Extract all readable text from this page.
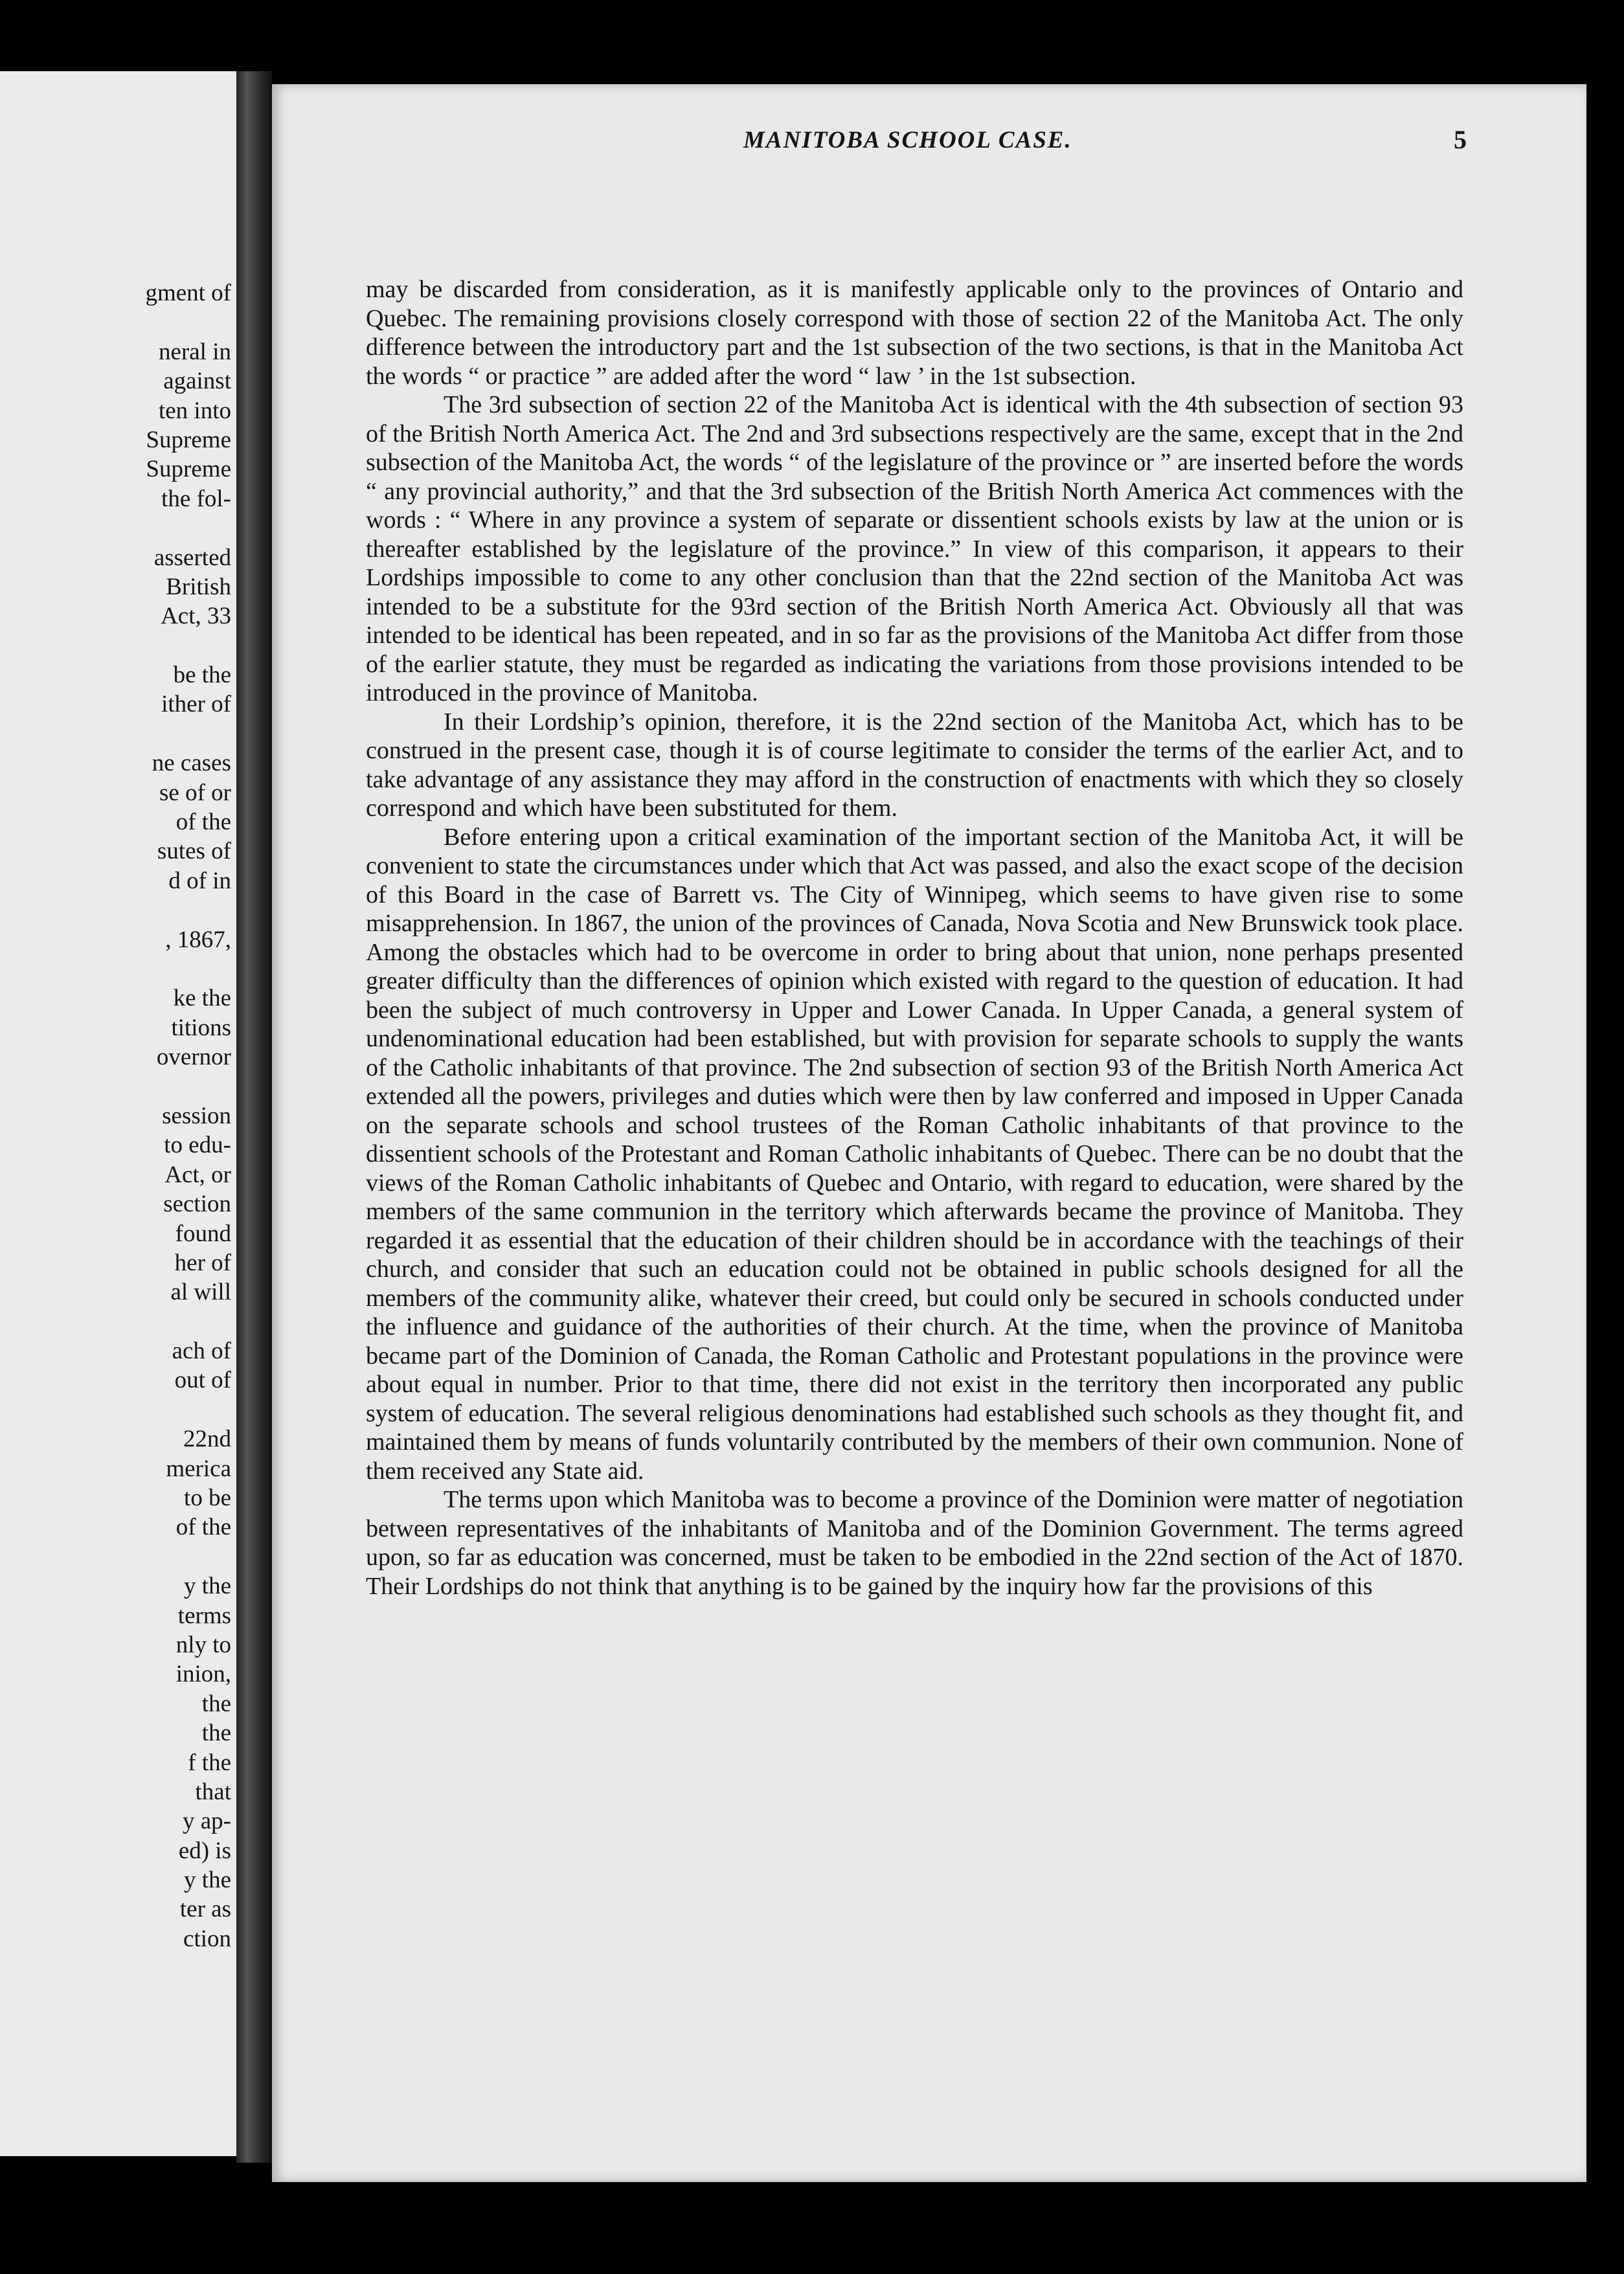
gment of
neral in
against
ten into
Supreme
Supreme
the fol-
asserted
British
Act, 33
be the
ither of
ne cases
se of or
of the
sutes of
d of in
, 1867,
ke the
titions
overnor
session
to edu-
Act, or
section
found
her of
al will
ach of
out of
22nd
merica
to be
of the
y the
terms
nly to
inion,
the
the
f the
that
y ap-
ed) is
y the
ter as
ction
MANITOBA SCHOOL CASE.	5

may be discarded from consideration, as it is manifestly applicable only to the provinces of Ontario and Quebec. The remaining provisions closely correspond with those of section 22 of the Manitoba Act. The only difference between the introductory part and the 1st subsection of the two sections, is that in the Manitoba Act the words “ or practice ” are added after the word “ law ’ in the 1st subsection.

The 3rd subsection of section 22 of the Manitoba Act is identical with the 4th subsection of section 93 of the British North America Act. The 2nd and 3rd subsections respectively are the same, except that in the 2nd subsection of the Manitoba Act, the words “ of the legislature of the province or ” are inserted before the words “ any provincial authority,” and that the 3rd subsection of the British North America Act commences with the words : “ Where in any province a system of separate or dissentient schools exists by law at the union or is thereafter established by the legislature of the province.” In view of this comparison, it appears to their Lordships impossible to come to any other conclusion than that the 22nd section of the Manitoba Act was intended to be a substitute for the 93rd section of the British North America Act. Obviously all that was intended to be identical has been repeated, and in so far as the provisions of the Manitoba Act differ from those of the earlier statute, they must be regarded as indicating the variations from those provisions intended to be introduced in the province of Manitoba.

In their Lordship’s opinion, therefore, it is the 22nd section of the Manitoba Act, which has to be construed in the present case, though it is of course legitimate to consider the terms of the earlier Act, and to take advantage of any assistance they may afford in the construction of enactments with which they so closely correspond and which have been substituted for them.

Before entering upon a critical examination of the important section of the Manitoba Act, it will be convenient to state the circumstances under which that Act was passed, and also the exact scope of the decision of this Board in the case of Barrett vs. The City of Winnipeg, which seems to have given rise to some misapprehension. In 1867, the union of the provinces of Canada, Nova Scotia and New Brunswick took place. Among the obstacles which had to be overcome in order to bring about that union, none perhaps presented greater difficulty than the differences of opinion which existed with regard to the question of education. It had been the subject of much controversy in Upper and Lower Canada. In Upper Canada, a general system of undenominational education had been established, but with provision for separate schools to supply the wants of the Catholic inhabitants of that province. The 2nd subsection of section 93 of the British North America Act extended all the powers, privileges and duties which were then by law conferred and imposed in Upper Canada on the separate schools and school trustees of the Roman Catholic inhabitants of that province to the dissentient schools of the Protestant and Roman Catholic inhabitants of Quebec. There can be no doubt that the views of the Roman Catholic inhabitants of Quebec and Ontario, with regard to education, were shared by the members of the same communion in the territory which afterwards became the province of Manitoba. They regarded it as essential that the education of their children should be in accordance with the teachings of their church, and consider that such an education could not be obtained in public schools designed for all the members of the community alike, whatever their creed, but could only be secured in schools conducted under the influence and guidance of the authorities of their church. At the time, when the province of Manitoba became part of the Dominion of Canada, the Roman Catholic and Protestant populations in the province were about equal in number. Prior to that time, there did not exist in the territory then incorporated any public system of education. The several religious denominations had established such schools as they thought fit, and maintained them by means of funds voluntarily contributed by the members of their own communion. None of them received any State aid.

The terms upon which Manitoba was to become a province of the Dominion were matter of negotiation between representatives of the inhabitants of Manitoba and of the Dominion Government. The terms agreed upon, so far as education was concerned, must be taken to be embodied in the 22nd section of the Act of 1870. Their Lordships do not think that anything is to be gained by the inquiry how far the provisions of this
